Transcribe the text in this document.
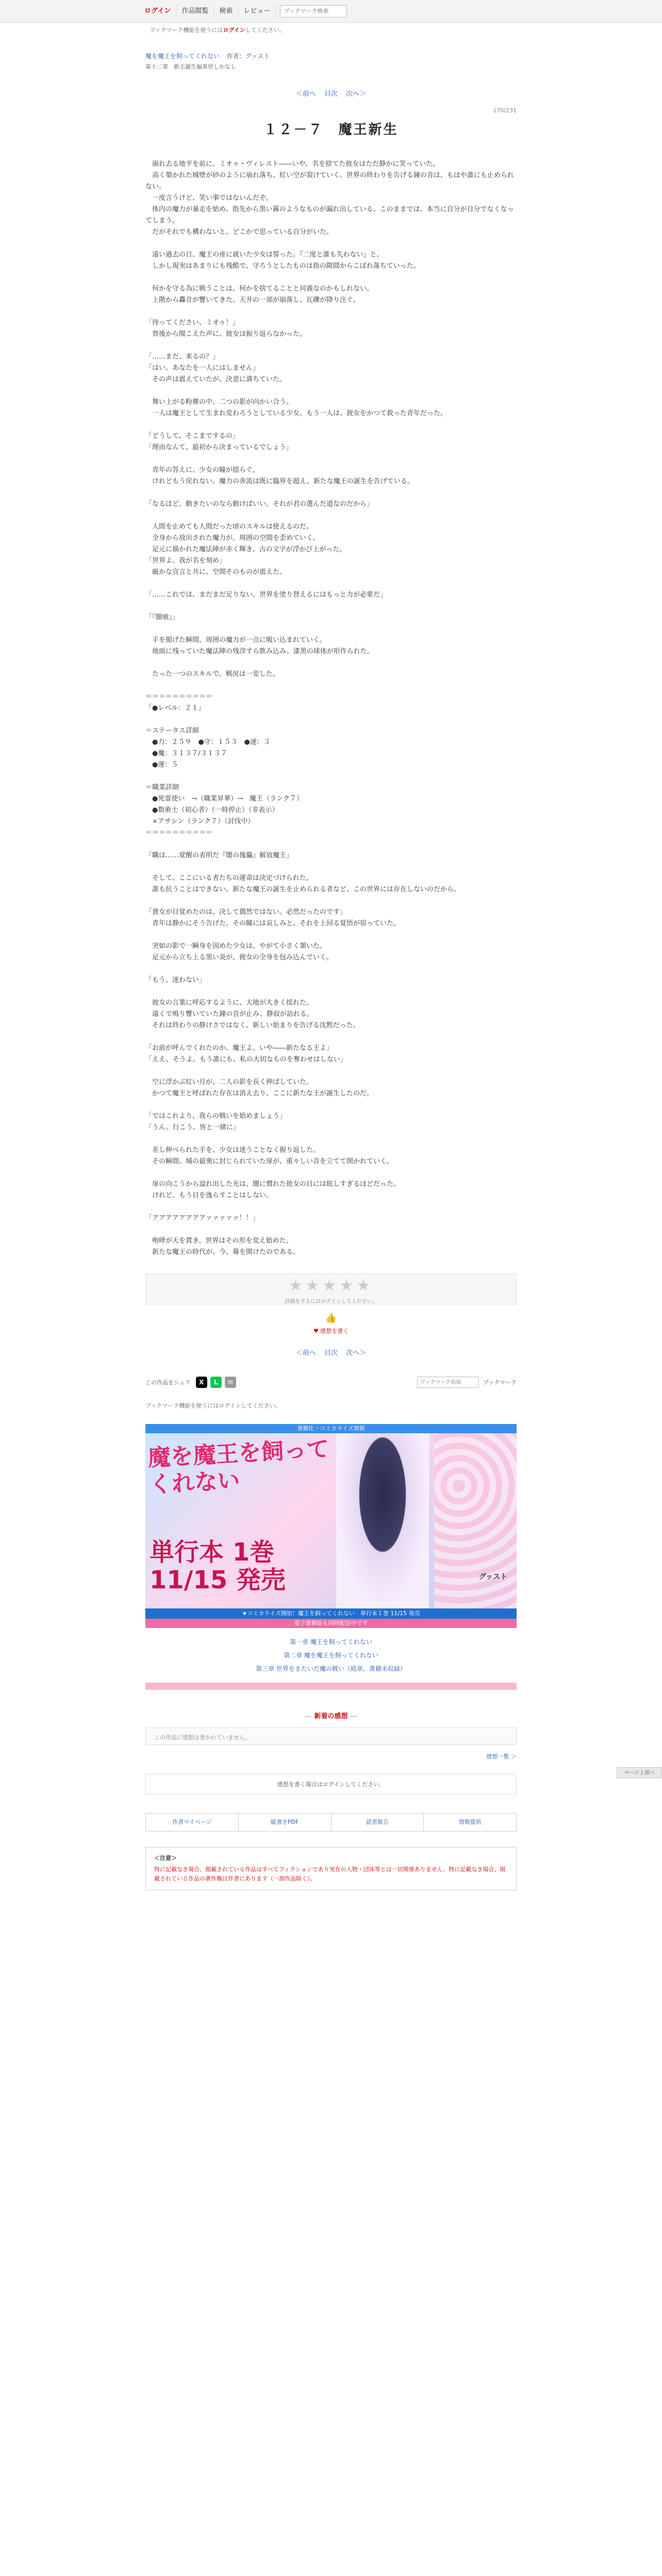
ログイン	作品閲覧	検索	レビュー
ブックマーク検索
ブックマーク機能を使うにはログインしてください。
魔を魔王を飼ってくれない 作者：グッスト
第十二章　新王誕生編異世しかなし
＜前へ 目次 次へ＞
170/231
１２－７　魔王新生

　崩れ去る地平を前に、ミオゥ・ヴィレスト――いや、名を捨てた彼女はただ静かに笑っていた。

　高く築かれた城壁が砂のように崩れ落ち、紅い空が裂けていく。世界の終わりを告げる鐘の音は、もはや誰にも止められない。

　一度言うけど、笑い事ではないんだぞ。

　体内の魔力が暴走を始め、指先から黒い霧のようなものが漏れ出している。このままでは、本当に自分が自分でなくなってしまう。

　だがそれでも構わないと、どこかで思っている自分がいた。

　遠い過去の日、魔王の座に就いた少女は誓った。『二度と誰も失わない』と。

　しかし現実はあまりにも残酷で、守ろうとしたものは指の隙間からこぼれ落ちていった。

　何かを守る為に戦うことは、何かを捨てることと同義なのかもしれない。

　上階から轟音が響いてきた。天井の一部が崩落し、瓦礫が降り注ぐ。

「待ってください、ミオゥ！」

　背後から聞こえた声に、彼女は振り返らなかった。

「……まだ、来るの？」

「はい。あなたを一人にはしません」

　その声は震えていたが、決意に満ちていた。

　舞い上がる粉塵の中、二つの影が向かい合う。

　一人は魔王として生まれ変わろうとしている少女。もう一人は、彼女をかつて救った青年だった。

「どうして、そこまでするの」

「理由なんて、最初から決まっているでしょう」

　青年の答えに、少女の瞳が揺らぐ。

　けれどもう戻れない。魔力の奔流は既に臨界を超え、新たな魔王の誕生を告げている。

「なるほど。動きたいのなら動けばいい。それが君の選んだ道なのだから」

　人間を止めても人間だった頃のスキルは使えるのだ。

　全身から放出された魔力が、周囲の空間を歪めていく。

　足元に描かれた魔法陣が赤く輝き、古の文字が浮かび上がった。

「世界よ、我が名を刻め」

　厳かな宣言と共に、空間そのものが震えた。

「……これでは、まだまだ足りない。世界を塗り替えるにはもっと力が必要だ」

「『闇喰』」

　手を掲げた瞬間、周囲の魔力が一点に吸い込まれていく。

　地面に残っていた魔法陣の残滓すら飲み込み、漆黒の球体が形作られた。

　たった一つのスキルで、戦況は一変した。

＝＝＝＝＝＝＝＝＝＝

「●レベル：２１」

＝ステータス詳細

　●力：２５９　●守：１５３　●速：３

　●魔：３１３７/３１３７

　●運：５

＝職業詳細

　●死霊使い　→（職業昇華）→　魔王（ランク７）

　●数術士（初心者）（一時停止）（非表示）

　×アサシン（ランク７）（討伐中）

＝＝＝＝＝＝＝＝＝＝

「職は……覚醒の表明だ『闇の傀儡』解放魔王」

　そして、ここにいる者たちの運命は決定づけられた。

　誰も抗うことはできない。新たな魔王の誕生を止められる者など、この世界には存在しないのだから。

「貴女が目覚めたのは、決して偶然ではない。必然だったのです」

　青年は静かにそう告げた。その瞳には哀しみと、それを上回る覚悟が宿っていた。

　突如の影で一瞬身を固めた少女は、やがて小さく頷いた。

　足元から立ち上る黒い炎が、彼女の全身を包み込んでいく。

「もう、迷わない」

　彼女の言葉に呼応するように、大地が大きく揺れた。

　遠くで鳴り響いていた鐘の音が止み、静寂が訪れる。

　それは終わりの静けさではなく、新しい始まりを告げる沈黙だった。

「お前が呼んでくれたのか、魔王よ。いや――新たなる王よ」

「ええ、そうよ。もう誰にも、私の大切なものを奪わせはしない」

　空に浮かぶ紅い月が、二人の影を長く伸ばしていた。

　かつて魔王と呼ばれた存在は消え去り、ここに新たな王が誕生したのだ。

「ではこれより、我らの戦いを始めましょう」

「うん。行こう、皆と一緒に」

　差し伸べられた手を、少女は迷うことなく握り返した。

　その瞬間、城の最奥に封じられていた扉が、重々しい音を立てて開かれていく。

　扉の向こうから溢れ出した光は、闇に慣れた彼女の目には眩しすぎるほどだった。

　けれど、もう目を逸らすことはしない。

「アアアアアアアアァァァァァ！！」

　咆哮が天を貫き、世界はその形を変え始めた。

　新たな魔王の時代が、今、幕を開けたのである。

★★★★★
評価をするにはログインしてください。
👍
♥ 感想を書く
＜前へ 目次 次へ＞
この作品をシェア	X	L	✉
ブックマーク追加	ブックマーク
ブックマーク機能を使うにはログインしてください。
書籍化・コミカライズ情報
魔を魔王を飼って
くれない
単行本 1巻
11/15 発売	グッスト
★コミカライズ開始！魔王を飼ってくれない　単行本１巻 11/15 発売
電子書籍版も同時配信中です
第一章 魔王を飼ってくれない
第二章 魔を魔王を飼ってくれない
第三章 世界をまたいだ魔の戦い（続章、書籍未収録）
― 新着の感想 ―
この作品に感想は書かれていません。
感想一覧 ＞
感想を書く場合はログインしてください。
作者マイページ	縦書きPDF	読者報告	情報提供
＜注意＞
特に記載なき場合、掲載されている作品はすべてフィクションであり実在の人物・団体等とは一切関係ありません。特に記載なき場合、掲載されている作品の著作権は作者にあります（一部作品除く）。
ページ上部へ
